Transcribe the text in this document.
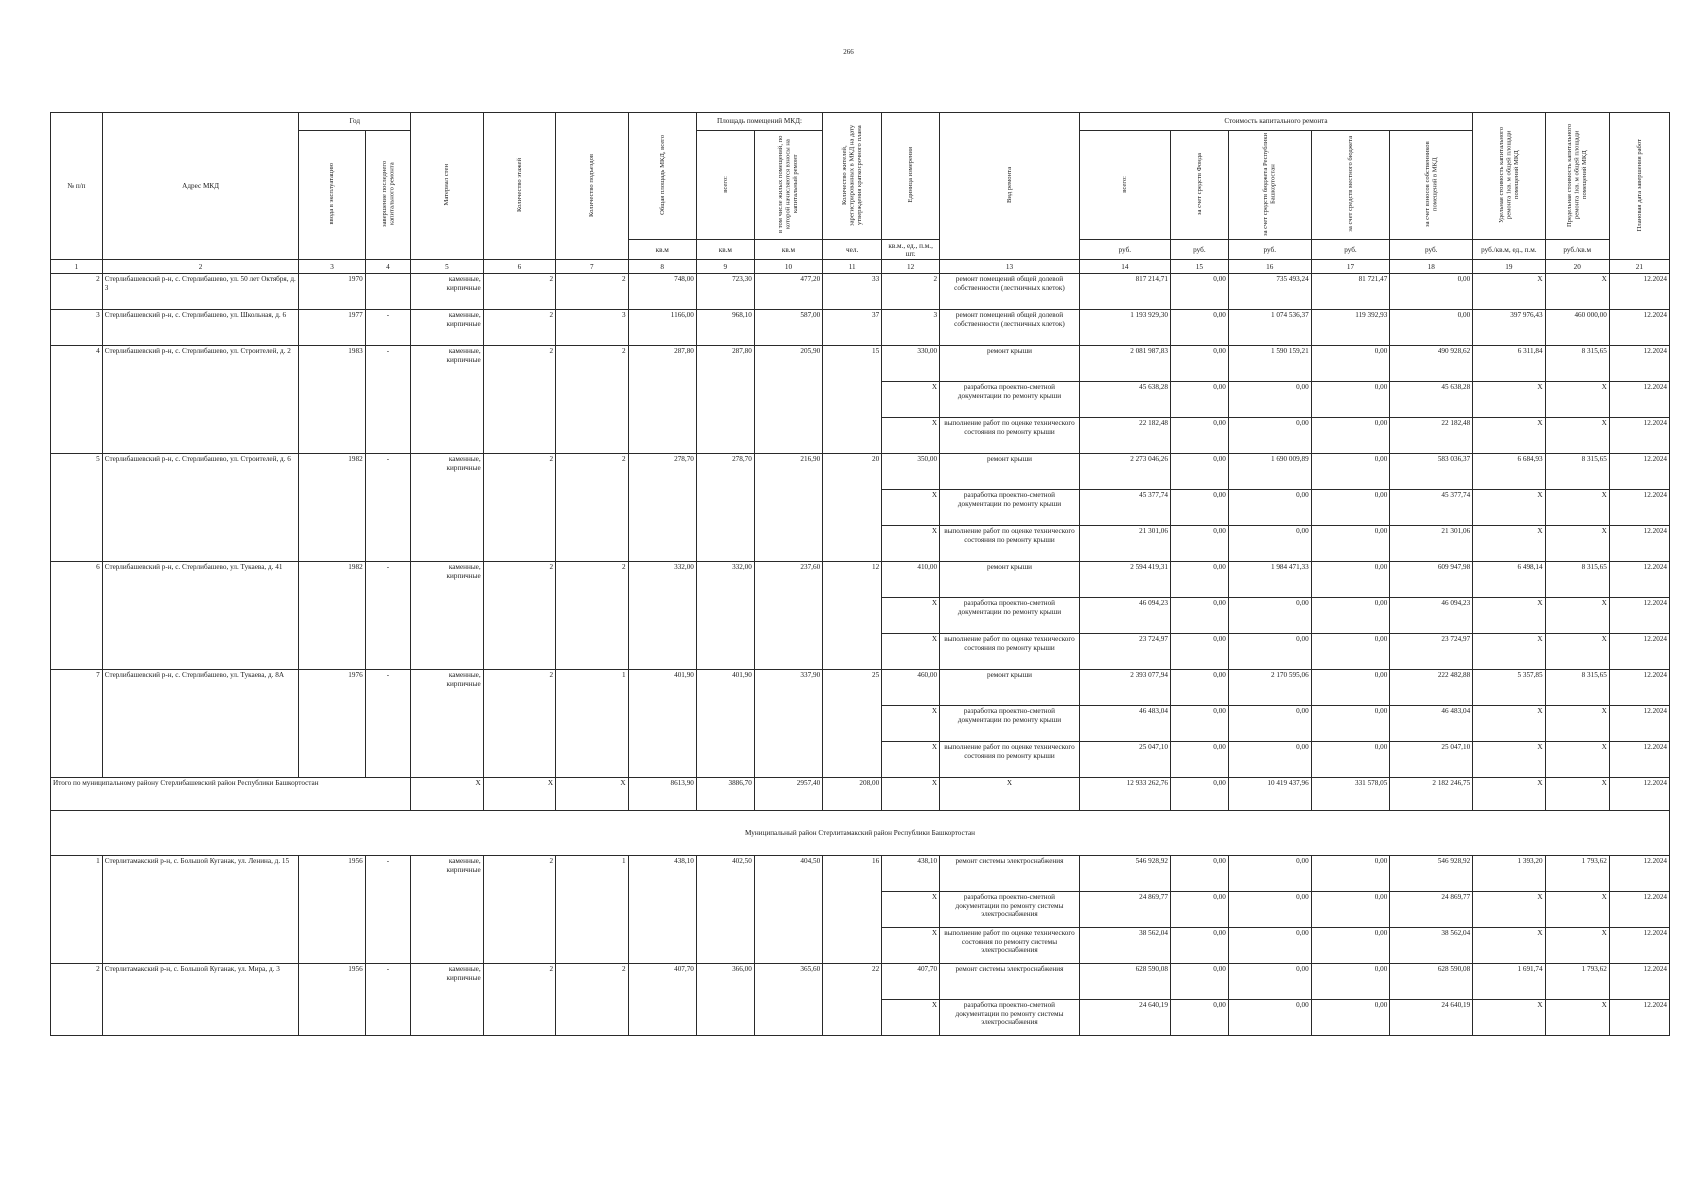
266
№ п/п	Адрес МКД	Год		Материал стен	Количество этажей	Количество подъездов	Общая площадь МКД, всего	Площадь помещений МКД:		Количество жителей, зарегистрированных в МКД на дату утверждения краткосрочного плана	Единица измерения	Вид ремонта	Стоимость капитального ремонта					Удельная стоимость капитального ремонта 1кв. м общей площади помещений МКД	Предельная стоимость капитального ремонта 1кв. м общей площади помещений МКД	Плановая дата завершения работ
		ввода в эксплуатацию	завершение последнего капитального ремонта					всего:	в том числе жилых помещений, по которой начисляются взносы на капитальный ремонт				всего:	за счет средств Фонда	за счет средств бюджета Республики Башкортостан	за счет средств местного бюджета	за счет взносов собственников помещений в МКД			
							кв.м	кв.м	кв.м	чел.	кв.м., ед., п.м., шт.		руб.	руб.	руб.	руб.	руб.	руб./кв.м, ед., п.м.	руб./кв.м	
1	2	3	4	5	6	7	8	9	10	11	12	13	14	15	16	17	18	19	20	21
2	Стерлибашевский р-н, с. Стерлибашево, ул. 50 лет Октября, д. 3	1970		каменные, кирпичные	2	2	748,00	723,30	477,20	33	2	ремонт помещений общей долевой собственности (лестничных клеток)	817 214,71	0,00	735 493,24	81 721,47	0,00	X	X	12.2024
3	Стерлибашевский р-н, с. Стерлибашево, ул. Школьная, д. 6	1977	-	каменные, кирпичные	2	3	1166,00	968,10	587,00	37	3	ремонт помещений общей долевой собственности (лестничных клеток)	1 193 929,30	0,00	1 074 536,37	119 392,93	0,00	397 976,43	460 000,00	12.2024
4	Стерлибашевский р-н, с. Стерлибашево, ул. Строителей, д. 2	1983	-	каменные, кирпичные	2	2	287,80	287,80	205,90	15	330,00	ремонт крыши	2 081 987,83	0,00	1 590 159,21	0,00	490 928,62	6 311,84	8 315,65	12.2024
											X	разработка проектно-сметной документации по ремонту крыши	45 638,28	0,00	0,00	0,00	45 638,28	X	X	12.2024
											X	выполнение работ по оценке технического состояния по ремонту крыши	22 182,48	0,00	0,00	0,00	22 182,48	X	X	12.2024
5	Стерлибашевский р-н, с. Стерлибашево, ул. Строителей, д. 6	1982	-	каменные, кирпичные	2	2	278,70	278,70	216,90	20	350,00	ремонт крыши	2 273 046,26	0,00	1 690 009,89	0,00	583 036,37	6 684,93	8 315,65	12.2024
											X	разработка проектно-сметной документации по ремонту крыши	45 377,74	0,00	0,00	0,00	45 377,74	X	X	12.2024
											X	выполнение работ по оценке технического состояния по ремонту крыши	21 301,06	0,00	0,00	0,00	21 301,06	X	X	12.2024
6	Стерлибашевский р-н, с. Стерлибашево, ул. Тукаева, д. 41	1982	-	каменные, кирпичные	2	2	332,00	332,00	237,60	12	410,00	ремонт крыши	2 594 419,31	0,00	1 984 471,33	0,00	609 947,98	6 498,14	8 315,65	12.2024
											X	разработка проектно-сметной документации по ремонту крыши	46 094,23	0,00	0,00	0,00	46 094,23	X	X	12.2024
											X	выполнение работ по оценке технического состояния по ремонту крыши	23 724,97	0,00	0,00	0,00	23 724,97	X	X	12.2024
7	Стерлибашевский р-н, с. Стерлибашево, ул. Тукаева, д. 8А	1976	-	каменные, кирпичные	2	1	401,90	401,90	337,90	25	460,00	ремонт крыши	2 393 077,94	0,00	2 170 595,06	0,00	222 482,88	5 357,85	8 315,65	12.2024
											X	разработка проектно-сметной документации по ремонту крыши	46 483,04	0,00	0,00	0,00	46 483,04	X	X	12.2024
											X	выполнение работ по оценке технического состояния по ремонту крыши	25 047,10	0,00	0,00	0,00	25 047,10	X	X	12.2024
Итого по муниципальному району Стерлибашевский район Республики Башкортостан				X	X	X	8613,90	3886,70	2957,40	208,00	X	X	12 933 262,76	0,00	10 419 437,96	331 578,05	2 182 246,75	X	X	12.2024
Муниципальный район Стерлитамакский район Республики Башкортостан																				
1	Стерлитамакский р-н, с. Большой Куганак, ул. Ленина, д. 15	1956	-	каменные, кирпичные	2	1	438,10	402,50	404,50	16	438,10	ремонт системы электроснабжения	546 928,92	0,00	0,00	0,00	546 928,92	1 393,20	1 793,62	12.2024
											X	разработка проектно-сметной документации по ремонту системы электроснабжения	24 869,77	0,00	0,00	0,00	24 869,77	X	X	12.2024
											X	выполнение работ по оценке технического состояния по ремонту системы электроснабжения	38 562,04	0,00	0,00	0,00	38 562,04	X	X	12.2024
2	Стерлитамакский р-н, с. Большой Куганак, ул. Мира, д. 3	1956	-	каменные, кирпичные	2	2	407,70	366,00	365,60	22	407,70	ремонт системы электроснабжения	628 590,08	0,00	0,00	0,00	628 590,08	1 691,74	1 793,62	12.2024
											X	разработка проектно-сметной документации по ремонту системы электроснабжения	24 640,19	0,00	0,00	0,00	24 640,19	X	X	12.2024
